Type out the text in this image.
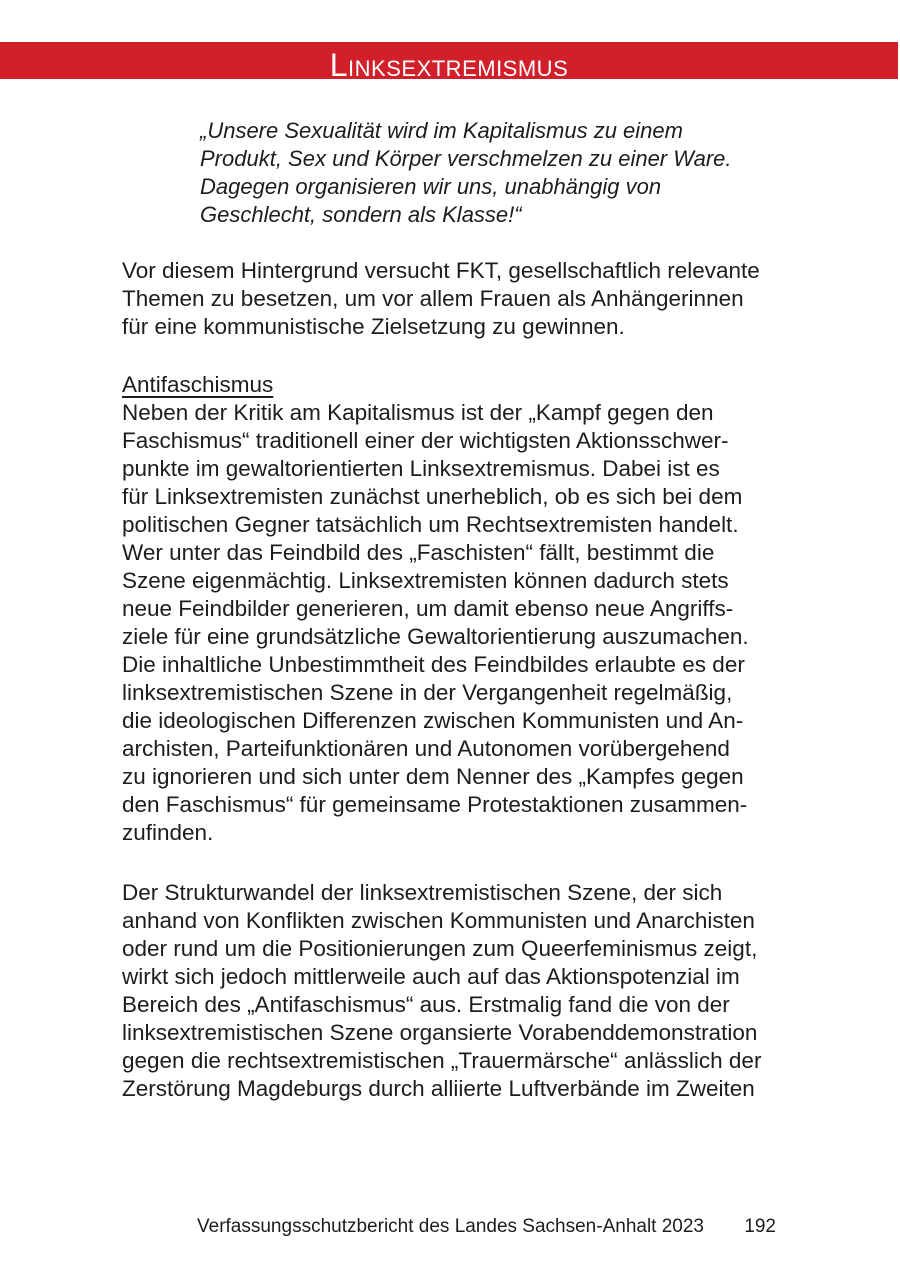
Linksextremismus
„Unsere Sexualität wird im Kapitalismus zu einem
Produkt, Sex und Körper verschmelzen zu einer Ware.
Dagegen organisieren wir uns, unabhängig von
Geschlecht, sondern als Klasse!“
Vor diesem Hintergrund versucht FKT, gesellschaftlich relevante
Themen zu besetzen, um vor allem Frauen als Anhängerinnen
für eine kommunistische Zielsetzung zu gewinnen.
Antifaschismus
Neben der Kritik am Kapitalismus ist der „Kampf gegen den
Faschismus“ traditionell einer der wichtigsten Aktionsschwer-
punkte im gewaltorientierten Linksextremismus. Dabei ist es
für Linksextremisten zunächst unerheblich, ob es sich bei dem
politischen Gegner tatsächlich um Rechtsextremisten handelt.
Wer unter das Feindbild des „Faschisten“ fällt, bestimmt die
Szene eigenmächtig. Linksextremisten können dadurch stets
neue Feindbilder generieren, um damit ebenso neue Angriffs-
ziele für eine grundsätzliche Gewaltorientierung auszumachen.
Die inhaltliche Unbestimmtheit des Feindbildes erlaubte es der
linksextremistischen Szene in der Vergangenheit regelmäßig,
die ideologischen Differenzen zwischen Kommunisten und An-
archisten, Parteifunktionären und Autonomen vorübergehend
zu ignorieren und sich unter dem Nenner des „Kampfes gegen
den Faschismus“ für gemeinsame Protestaktionen zusammen-
zufinden.
Der Strukturwandel der linksextremistischen Szene, der sich
anhand von Konflikten zwischen Kommunisten und Anarchisten
oder rund um die Positionierungen zum Queerfeminismus zeigt,
wirkt sich jedoch mittlerweile auch auf das Aktionspotenzial im
Bereich des „Antifaschismus“ aus. Erstmalig fand die von der
linksextremistischen Szene organsierte Vorabenddemonstration
gegen die rechtsextremistischen „Trauermärsche“ anlässlich der
Zerstörung Magdeburgs durch alliierte Luftverbände im Zweiten
Verfassungsschutzbericht des Landes Sachsen-Anhalt 2023 192
